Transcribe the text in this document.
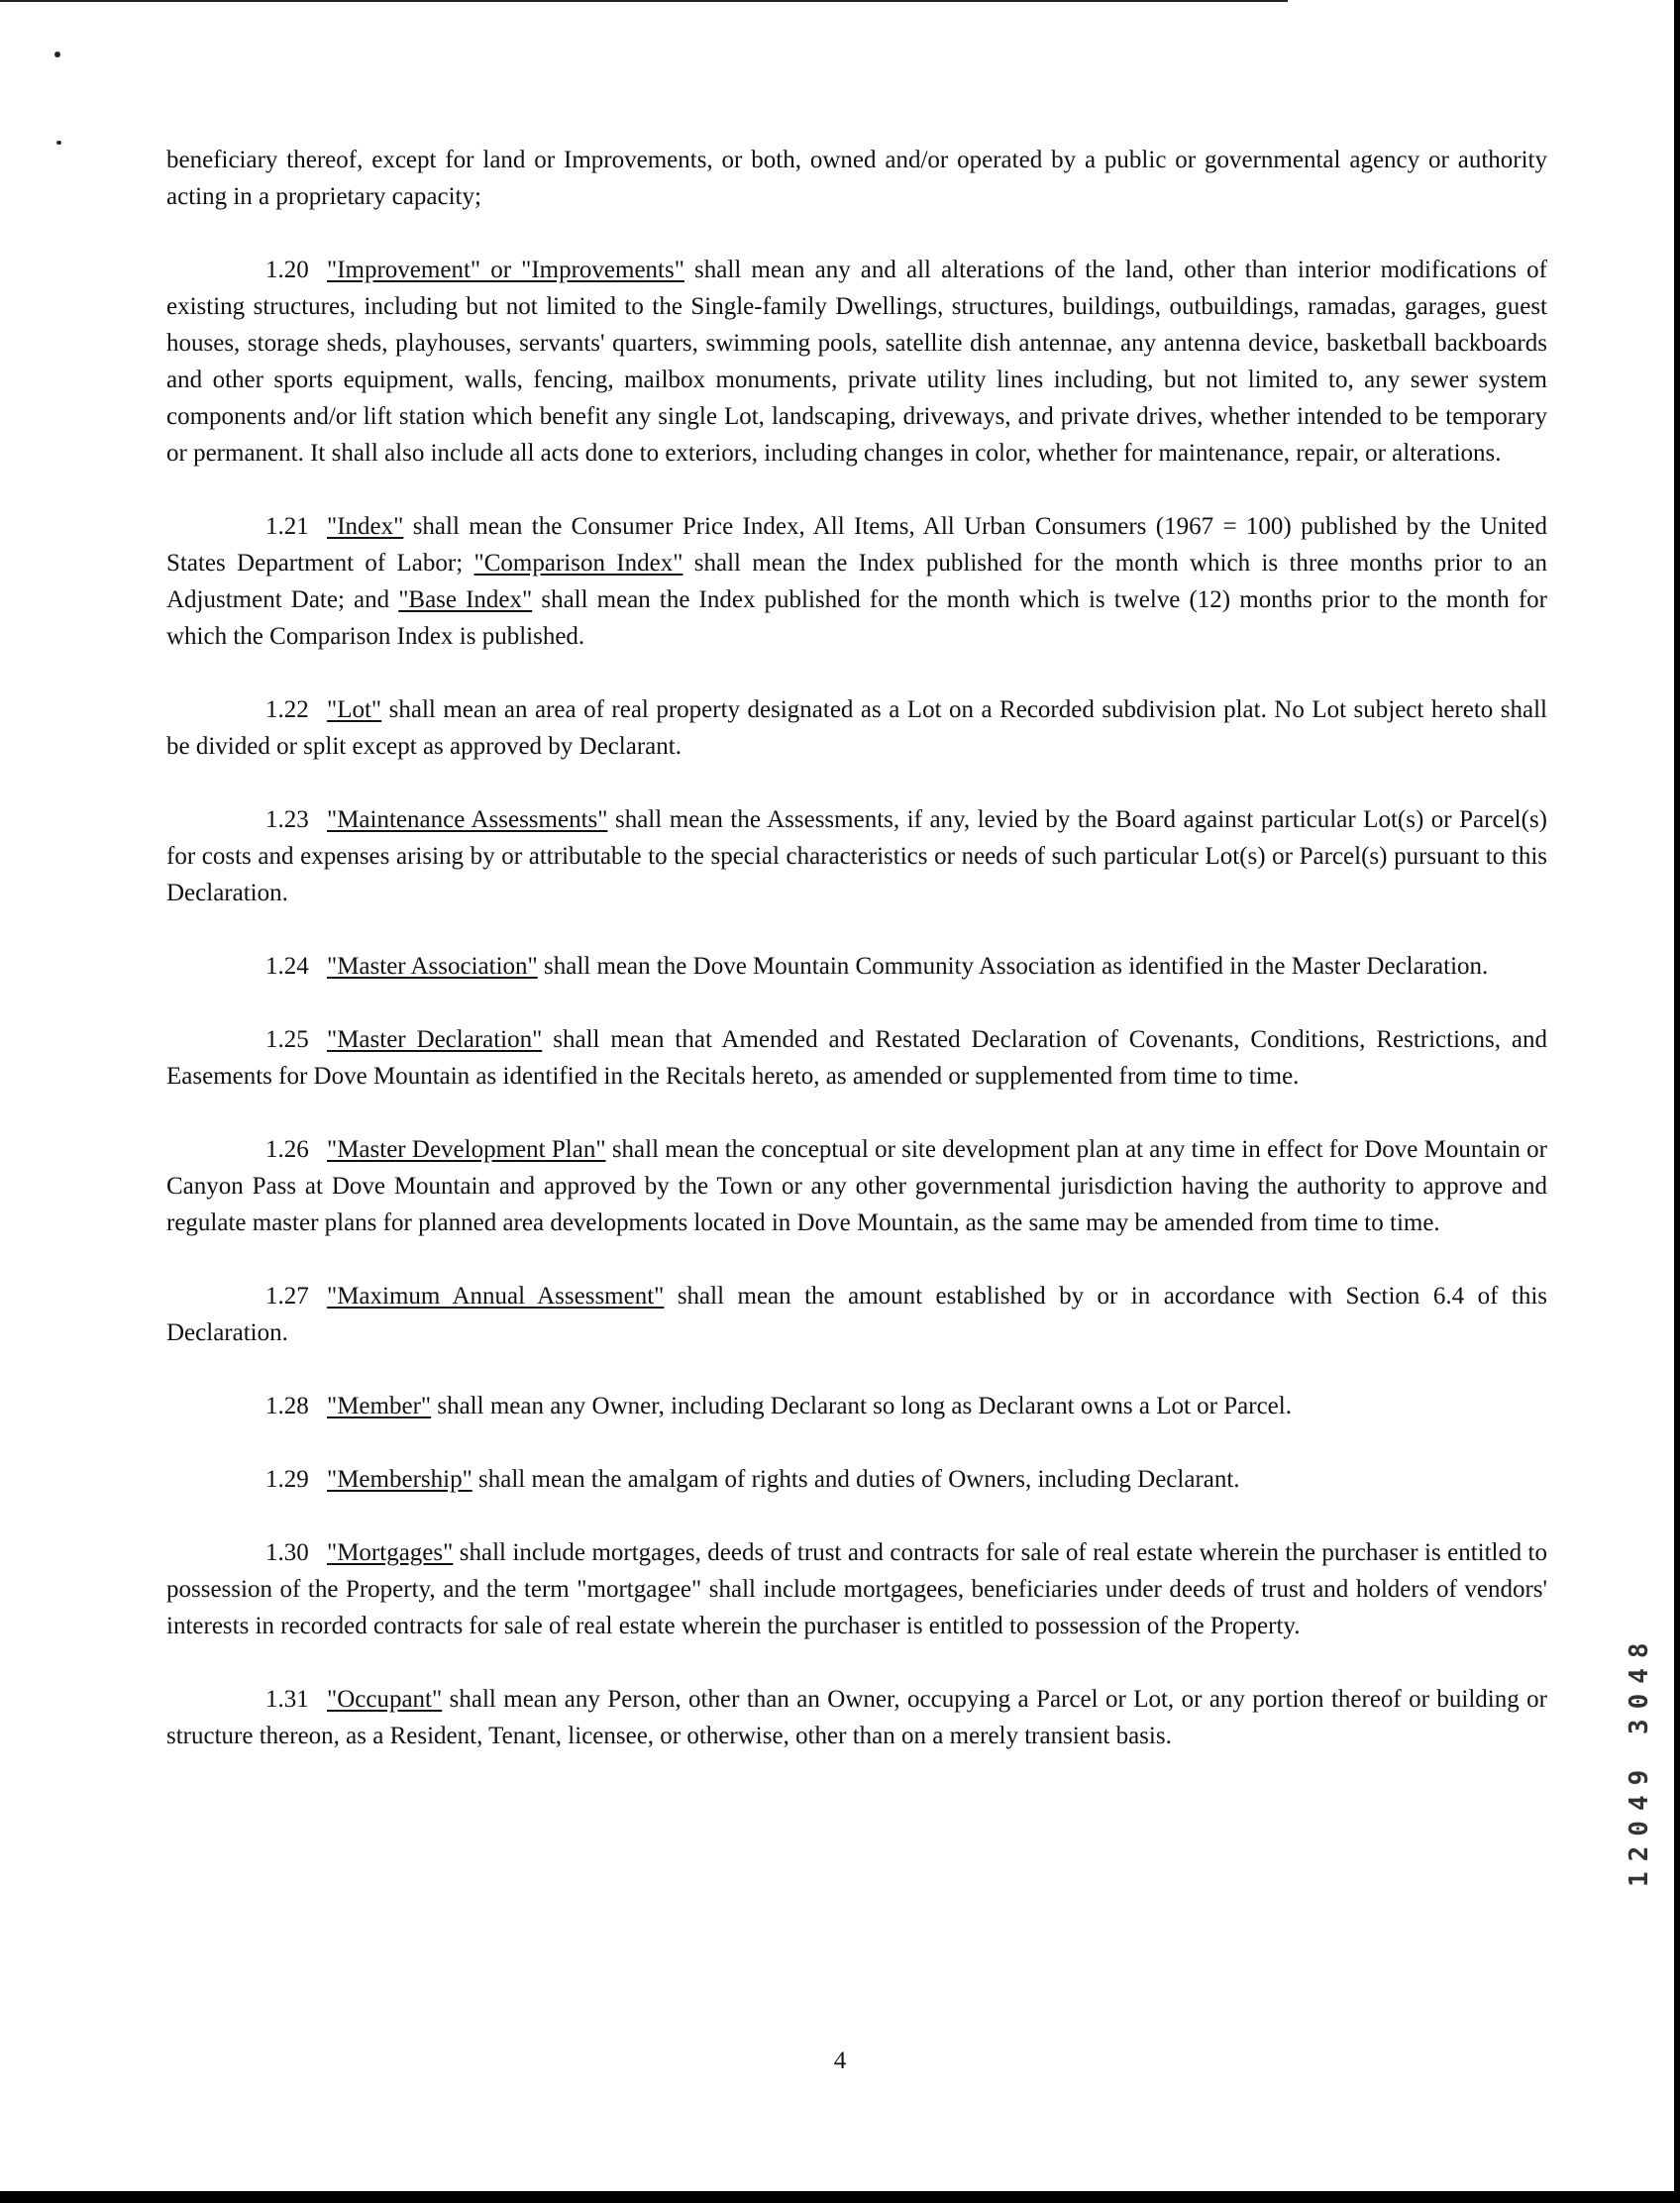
beneficiary thereof, except for land or Improvements, or both, owned and/or operated by a public or governmental agency or authority acting in a proprietary capacity;

1.20 "Improvement" or "Improvements" shall mean any and all alterations of the land, other than interior modifications of existing structures, including but not limited to the Single-family Dwellings, structures, buildings, outbuildings, ramadas, garages, guest houses, storage sheds, playhouses, servants' quarters, swimming pools, satellite dish antennae, any antenna device, basketball backboards and other sports equipment, walls, fencing, mailbox monuments, private utility lines including, but not limited to, any sewer system components and/or lift station which benefit any single Lot, landscaping, driveways, and private drives, whether intended to be temporary or permanent. It shall also include all acts done to exteriors, including changes in color, whether for maintenance, repair, or alterations.

1.21 "Index" shall mean the Consumer Price Index, All Items, All Urban Consumers (1967 = 100) published by the United States Department of Labor; "Comparison Index" shall mean the Index published for the month which is three months prior to an Adjustment Date; and "Base Index" shall mean the Index published for the month which is twelve (12) months prior to the month for which the Comparison Index is published.

1.22 "Lot" shall mean an area of real property designated as a Lot on a Recorded subdivision plat. No Lot subject hereto shall be divided or split except as approved by Declarant.

1.23 "Maintenance Assessments" shall mean the Assessments, if any, levied by the Board against particular Lot(s) or Parcel(s) for costs and expenses arising by or attributable to the special characteristics or needs of such particular Lot(s) or Parcel(s) pursuant to this Declaration.

1.24 "Master Association" shall mean the Dove Mountain Community Association as identified in the Master Declaration.

1.25 "Master Declaration" shall mean that Amended and Restated Declaration of Covenants, Conditions, Restrictions, and Easements for Dove Mountain as identified in the Recitals hereto, as amended or supplemented from time to time.

1.26 "Master Development Plan" shall mean the conceptual or site development plan at any time in effect for Dove Mountain or Canyon Pass at Dove Mountain and approved by the Town or any other governmental jurisdiction having the authority to approve and regulate master plans for planned area developments located in Dove Mountain, as the same may be amended from time to time.

1.27 "Maximum Annual Assessment" shall mean the amount established by or in accordance with Section 6.4 of this Declaration.

1.28 "Member" shall mean any Owner, including Declarant so long as Declarant owns a Lot or Parcel.

1.29 "Membership" shall mean the amalgam of rights and duties of Owners, including Declarant.

1.30 "Mortgages" shall include mortgages, deeds of trust and contracts for sale of real estate wherein the purchaser is entitled to possession of the Property, and the term "mortgagee" shall include mortgagees, beneficiaries under deeds of trust and holders of vendors' interests in recorded contracts for sale of real estate wherein the purchaser is entitled to possession of the Property.

1.31 "Occupant" shall mean any Person, other than an Owner, occupying a Parcel or Lot, or any portion thereof or building or structure thereon, as a Resident, Tenant, licensee, or otherwise, other than on a merely transient basis.

4
12049 3048
